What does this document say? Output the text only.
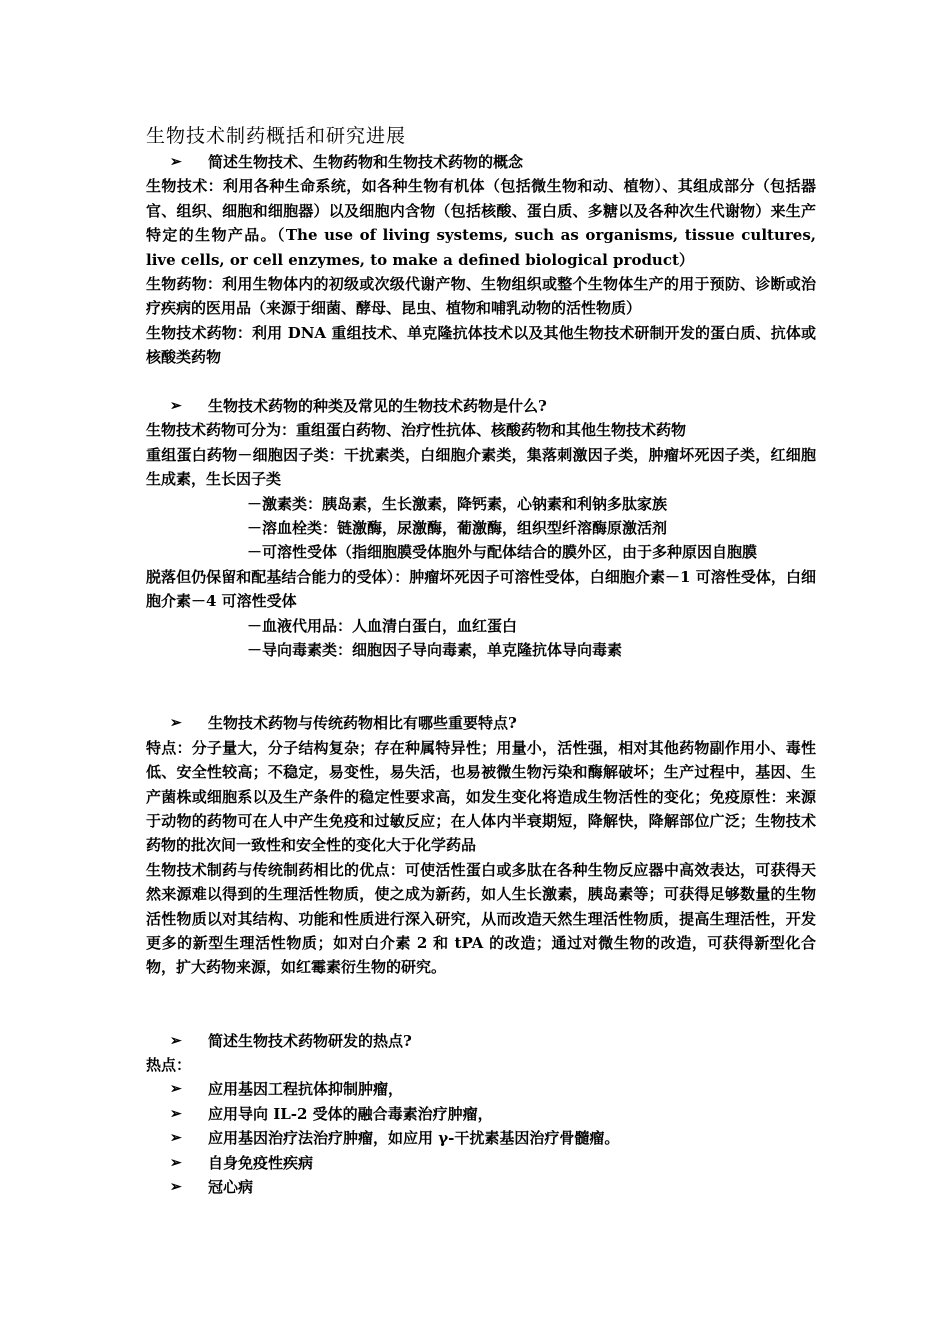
生物技术制药概括和研究进展
➢	简述生物技术、生物药物和生物技术药物的概念

生物技术：利用各种生命系统，如各种生物有机体（包括微生物和动、植物）、其组成部分（包括器官、组织、细胞和细胞器）以及细胞内含物（包括核酸、蛋白质、多糖以及各种次生代谢物）来生产特定的生物产品。（The use of living systems, such as organisms, tissue cultures, live cells, or cell enzymes, to make a defined biological product）

生物药物：利用生物体内的初级或次级代谢产物、生物组织或整个生物体生产的用于预防、诊断或治疗疾病的医用品（来源于细菌、酵母、昆虫、植物和哺乳动物的活性物质）

生物技术药物：利用 DNA 重组技术、单克隆抗体技术以及其他生物技术研制开发的蛋白质、抗体或核酸类药物

➢	生物技术药物的种类及常见的生物技术药物是什么?

生物技术药物可分为：重组蛋白药物、治疗性抗体、核酸药物和其他生物技术药物

重组蛋白药物－细胞因子类：干扰素类，白细胞介素类，集落刺激因子类，肿瘤坏死因子类，红细胞生成素，生长因子类

－激素类：胰岛素，生长激素，降钙素，心钠素和利钠多肽家族

－溶血栓类：链激酶，尿激酶，葡激酶，组织型纤溶酶原激活剂

－可溶性受体（指细胞膜受体胞外与配体结合的膜外区，由于多种原因自胞膜

脱落但仍保留和配基结合能力的受体）：肿瘤坏死因子可溶性受体，白细胞介素－1 可溶性受体，白细胞介素－4 可溶性受体

－血液代用品：人血清白蛋白，血红蛋白

－导向毒素类：细胞因子导向毒素，单克隆抗体导向毒素

➢	生物技术药物与传统药物相比有哪些重要特点?

特点：分子量大，分子结构复杂；存在种属特异性；用量小，活性强，相对其他药物副作用小、毒性低、安全性较高；不稳定，易变性，易失活，也易被微生物污染和酶解破坏；生产过程中，基因、生产菌株或细胞系以及生产条件的稳定性要求高，如发生变化将造成生物活性的变化；免疫原性：来源于动物的药物可在人中产生免疫和过敏反应；在人体内半衰期短，降解快，降解部位广泛；生物技术药物的批次间一致性和安全性的变化大于化学药品

生物技术制药与传统制药相比的优点：可使活性蛋白或多肽在各种生物反应器中高效表达，可获得天然来源难以得到的生理活性物质，使之成为新药，如人生长激素，胰岛素等；可获得足够数量的生物活性物质以对其结构、功能和性质进行深入研究，从而改造天然生理活性物质，提高生理活性，开发更多的新型生理活性物质；如对白介素 2 和 tPA 的改造；通过对微生物的改造，可获得新型化合物，扩大药物来源，如红霉素衍生物的研究。

➢	简述生物技术药物研发的热点?

热点：

➢	应用基因工程抗体抑制肿瘤，
➢	应用导向 IL-2 受体的融合毒素治疗肿瘤，
➢	应用基因治疗法治疗肿瘤，如应用 γ-干扰素基因治疗骨髓瘤。
➢	自身免疫性疾病
➢	冠心病
